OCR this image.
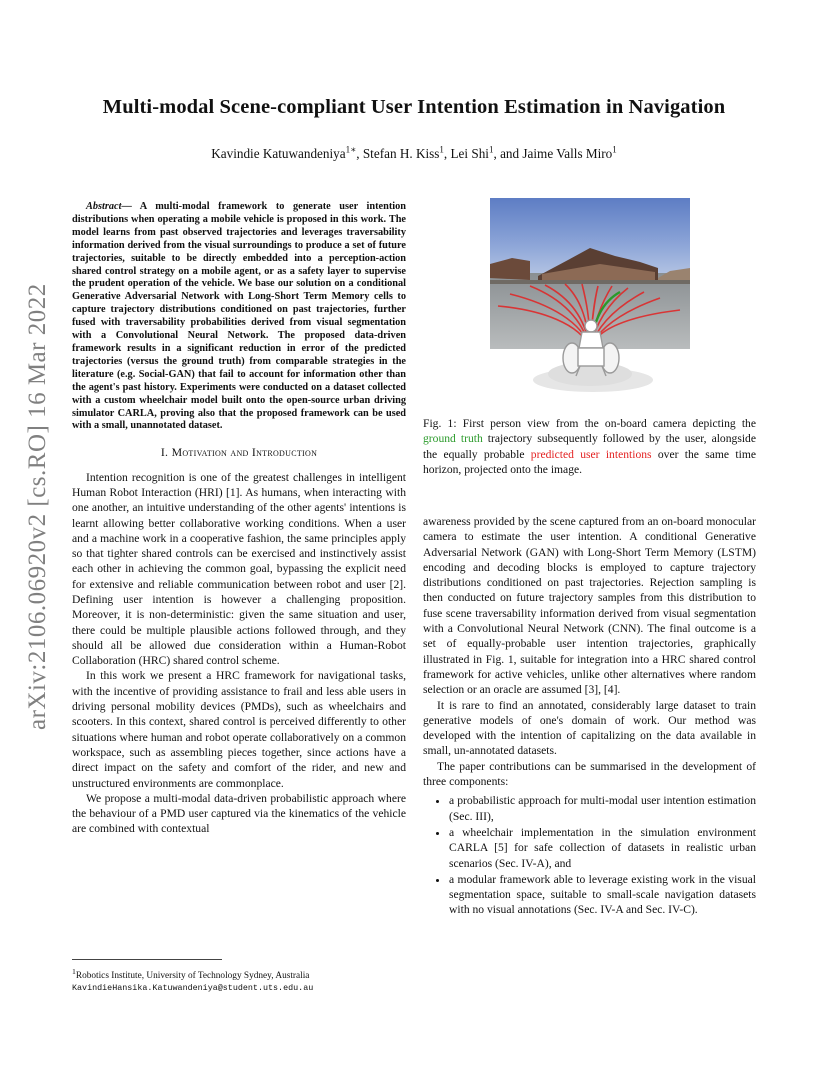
Multi-modal Scene-compliant User Intention Estimation in Navigation
Kavindie Katuwandeniya$^{1∗}$, Stefan H. Kiss$^1$, Lei Shi$^1$, and Jaime Valls Miro$^1$
arXiv:2106.06920v2 [cs.RO] 16 Mar 2022

Abstract— A multi-modal framework to generate user intention distributions when operating a mobile vehicle is proposed in this work. The model learns from past observed trajectories and leverages traversability information derived from the visual surroundings to produce a set of future trajectories, suitable to be directly embedded into a perception-action shared control strategy on a mobile agent, or as a safety layer to supervise the prudent operation of the vehicle. We base our solution on a conditional Generative Adversarial Network with Long-Short Term Memory cells to capture trajectory distributions conditioned on past trajectories, further fused with traversability probabilities derived from visual segmentation with a Convolutional Neural Network. The proposed data-driven framework results in a significant reduction in error of the predicted trajectories (versus the ground truth) from comparable strategies in the literature (e.g. Social-GAN) that fail to account for information other than the agent's past history. Experiments were conducted on a dataset collected with a custom wheelchair model built onto the open-source urban driving simulator CARLA, proving also that the proposed framework can be used with a small, unannotated dataset.

I. Motivation and Introduction

Intention recognition is one of the greatest challenges in intelligent Human Robot Interaction (HRI) [1]. As humans, when interacting with one another, an intuitive understanding of the other agents' intentions is learnt allowing better collaborative working conditions. When a user and a machine work in a cooperative fashion, the same principles apply so that tighter shared controls can be exercised and instinctively assist each other in achieving the common goal, bypassing the explicit need for extensive and reliable communication between robot and user [2]. Defining user intention is however a challenging proposition. Moreover, it is non-deterministic: given the same situation and user, there could be multiple plausible actions followed through, and they should all be allowed due consideration within a Human-Robot Collaboration (HRC) shared control scheme.

In this work we present a HRC framework for navigational tasks, with the incentive of providing assistance to frail and less able users in driving personal mobility devices (PMDs), such as wheelchairs and scooters. In this context, shared control is perceived differently to other situations where human and robot operate collaboratively on a common workspace, such as assembling pieces together, since actions have a direct impact on the safety and comfort of the rider, and new and unstructured environments are commonplace.

We propose a multi-modal data-driven probabilistic approach where the behaviour of a PMD user captured via the kinematics of the vehicle are combined with contextual

$^1$Robotics Institute, University of Technology Sydney, Australia
KavindieHansika.Katuwandeniya@student.uts.edu.au
Fig. 1: First person view from the on-board camera depicting the ground truth trajectory subsequently followed by the user, alongside the equally probable predicted user intentions over the same time horizon, projected onto the image.

awareness provided by the scene captured from an on-board monocular camera to estimate the user intention. A conditional Generative Adversarial Network (GAN) with Long-Short Term Memory (LSTM) encoding and decoding blocks is employed to capture trajectory distributions conditioned on past trajectories. Rejection sampling is then conducted on future trajectory samples from this distribution to fuse scene traversability information derived from visual segmentation with a Convolutional Neural Network (CNN). The final outcome is a set of equally-probable user intention trajectories, graphically illustrated in Fig. 1, suitable for integration into a HRC shared control framework for active vehicles, unlike other alternatives where random selection or an oracle are assumed [3], [4].

It is rare to find an annotated, considerably large dataset to train generative models of one's domain of work. Our method was developed with the intention of capitalizing on the data available in small, un-annotated datasets.

The paper contributions can be summarised in the development of three components:

• a probabilistic approach for multi-modal user intention estimation (Sec. III),
• a wheelchair implementation in the simulation environment CARLA [5] for safe collection of datasets in realistic urban scenarios (Sec. IV-A), and
• a modular framework able to leverage existing work in the visual segmentation space, suitable to small-scale navigation datasets with no visual annotations (Sec. IV-A and Sec. IV-C).
